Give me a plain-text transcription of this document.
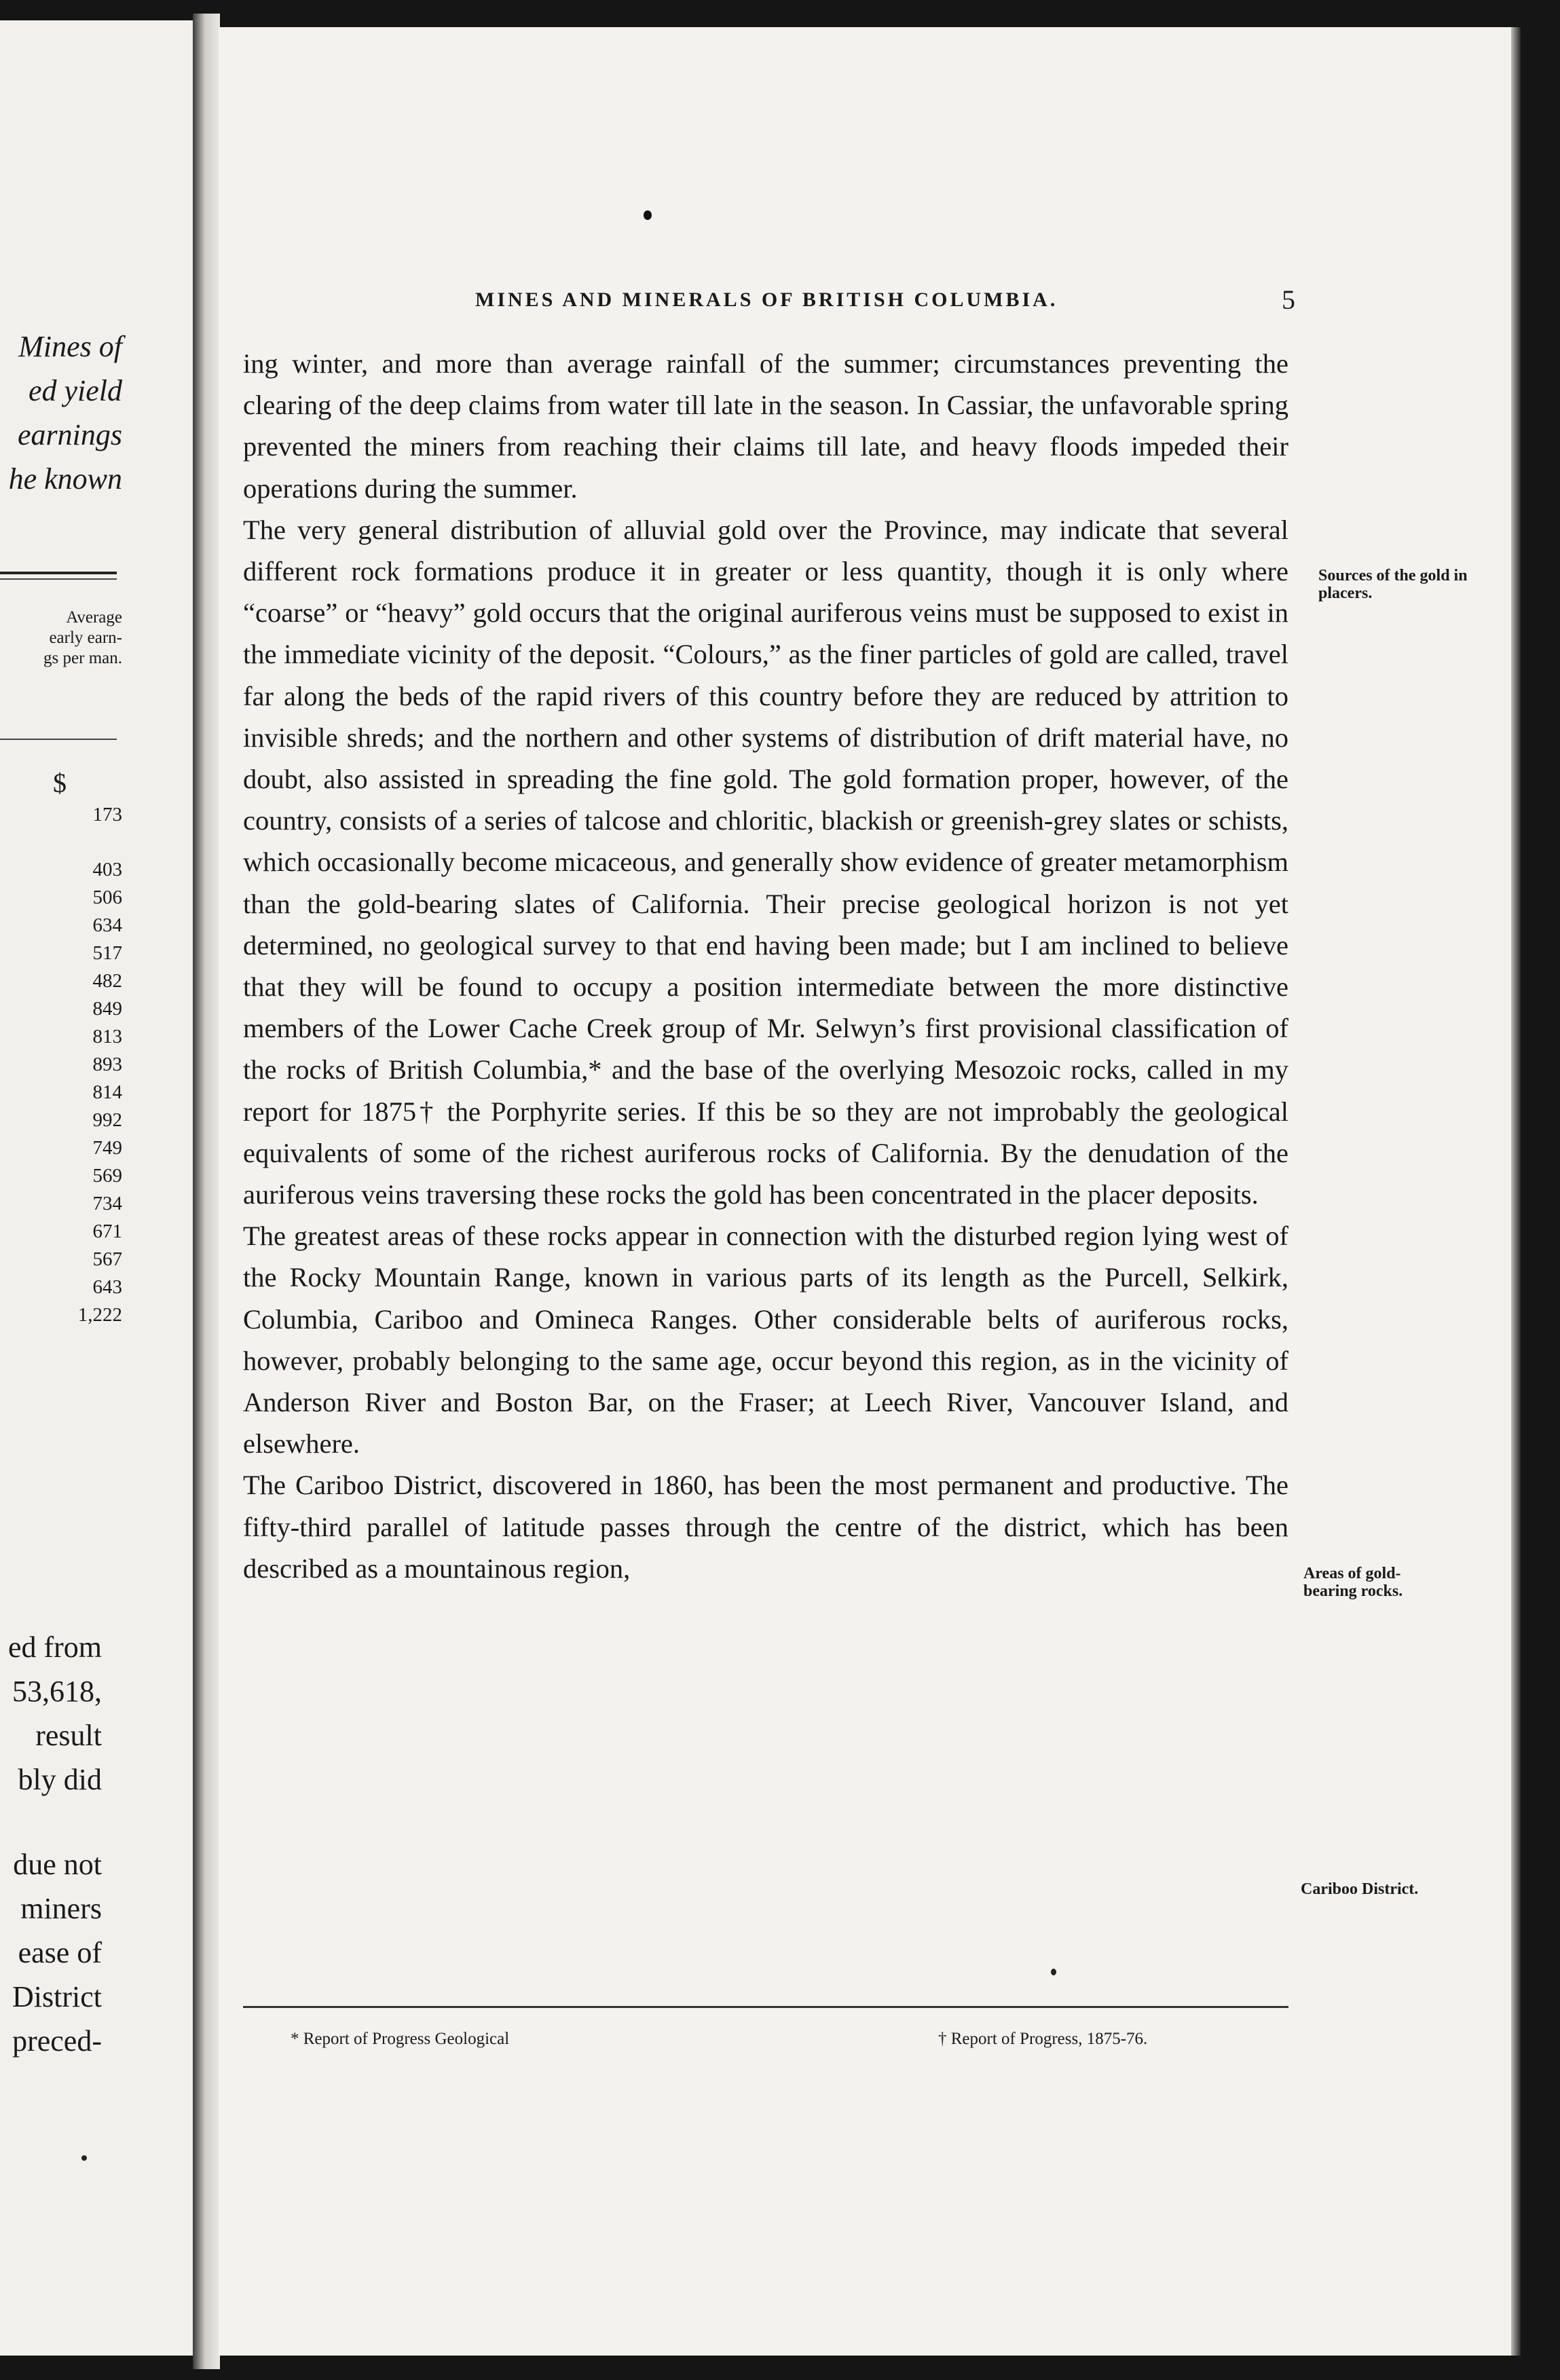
Mines of
ed yield
earnings
he known
Average
early earn-
gs per man.
$
173
403
506
634
517
482
849
813
893
814
992
749
569
734
671
567
643
1,222
ed from
53,618,
result
bly did
due not
miners
ease of
District
preced-
MINES AND MINERALS OF BRITISH COLUMBIA.	5

ing winter, and more than average rainfall of the summer; circumstances preventing the clearing of the deep claims from water till late in the season. In Cassiar, the unfavorable spring prevented the miners from reaching their claims till late, and heavy floods impeded their operations during the summer.

The very general distribution of alluvial gold over the Province, may indicate that several different rock formations produce it in greater or less quantity, though it is only where “coarse” or “heavy” gold occurs that the original auriferous veins must be supposed to exist in the immediate vicinity of the deposit. “Colours,” as the finer particles of gold are called, travel far along the beds of the rapid rivers of this country before they are reduced by attrition to invisible shreds; and the northern and other systems of distribution of drift material have, no doubt, also assisted in spreading the fine gold. The gold formation proper, however, of the country, consists of a series of talcose and chloritic, blackish or greenish-grey slates or schists, which occasionally become micaceous, and generally show evidence of greater metamorphism than the gold-bearing slates of California. Their precise geological horizon is not yet determined, no geological survey to that end having been made; but I am inclined to believe that they will be found to occupy a position intermediate between the more distinctive members of the Lower Cache Creek group of Mr. Selwyn’s first provisional classification of the rocks of British Columbia,* and the base of the overlying Mesozoic rocks, called in my report for 1875† the Porphyrite series. If this be so they are not improbably the geological equivalents of some of the richest auriferous rocks of California. By the denudation of the auriferous veins traversing these rocks the gold has been concentrated in the placer deposits.

The greatest areas of these rocks appear in connection with the disturbed region lying west of the Rocky Mountain Range, known in various parts of its length as the Purcell, Selkirk, Columbia, Cariboo and Omineca Ranges. Other considerable belts of auriferous rocks, however, probably belonging to the same age, occur beyond this region, as in the vicinity of Anderson River and Boston Bar, on the Fraser; at Leech River, Vancouver Island, and elsewhere.

The Cariboo District, discovered in 1860, has been the most permanent and productive. The fifty-third parallel of latitude passes through the centre of the district, which has been described as a mountainous region,

Sources of the gold in placers.
Areas of gold-bearing rocks.
Cariboo District.
* Report of Progress Geological	† Report of Progress, 1875-76.
